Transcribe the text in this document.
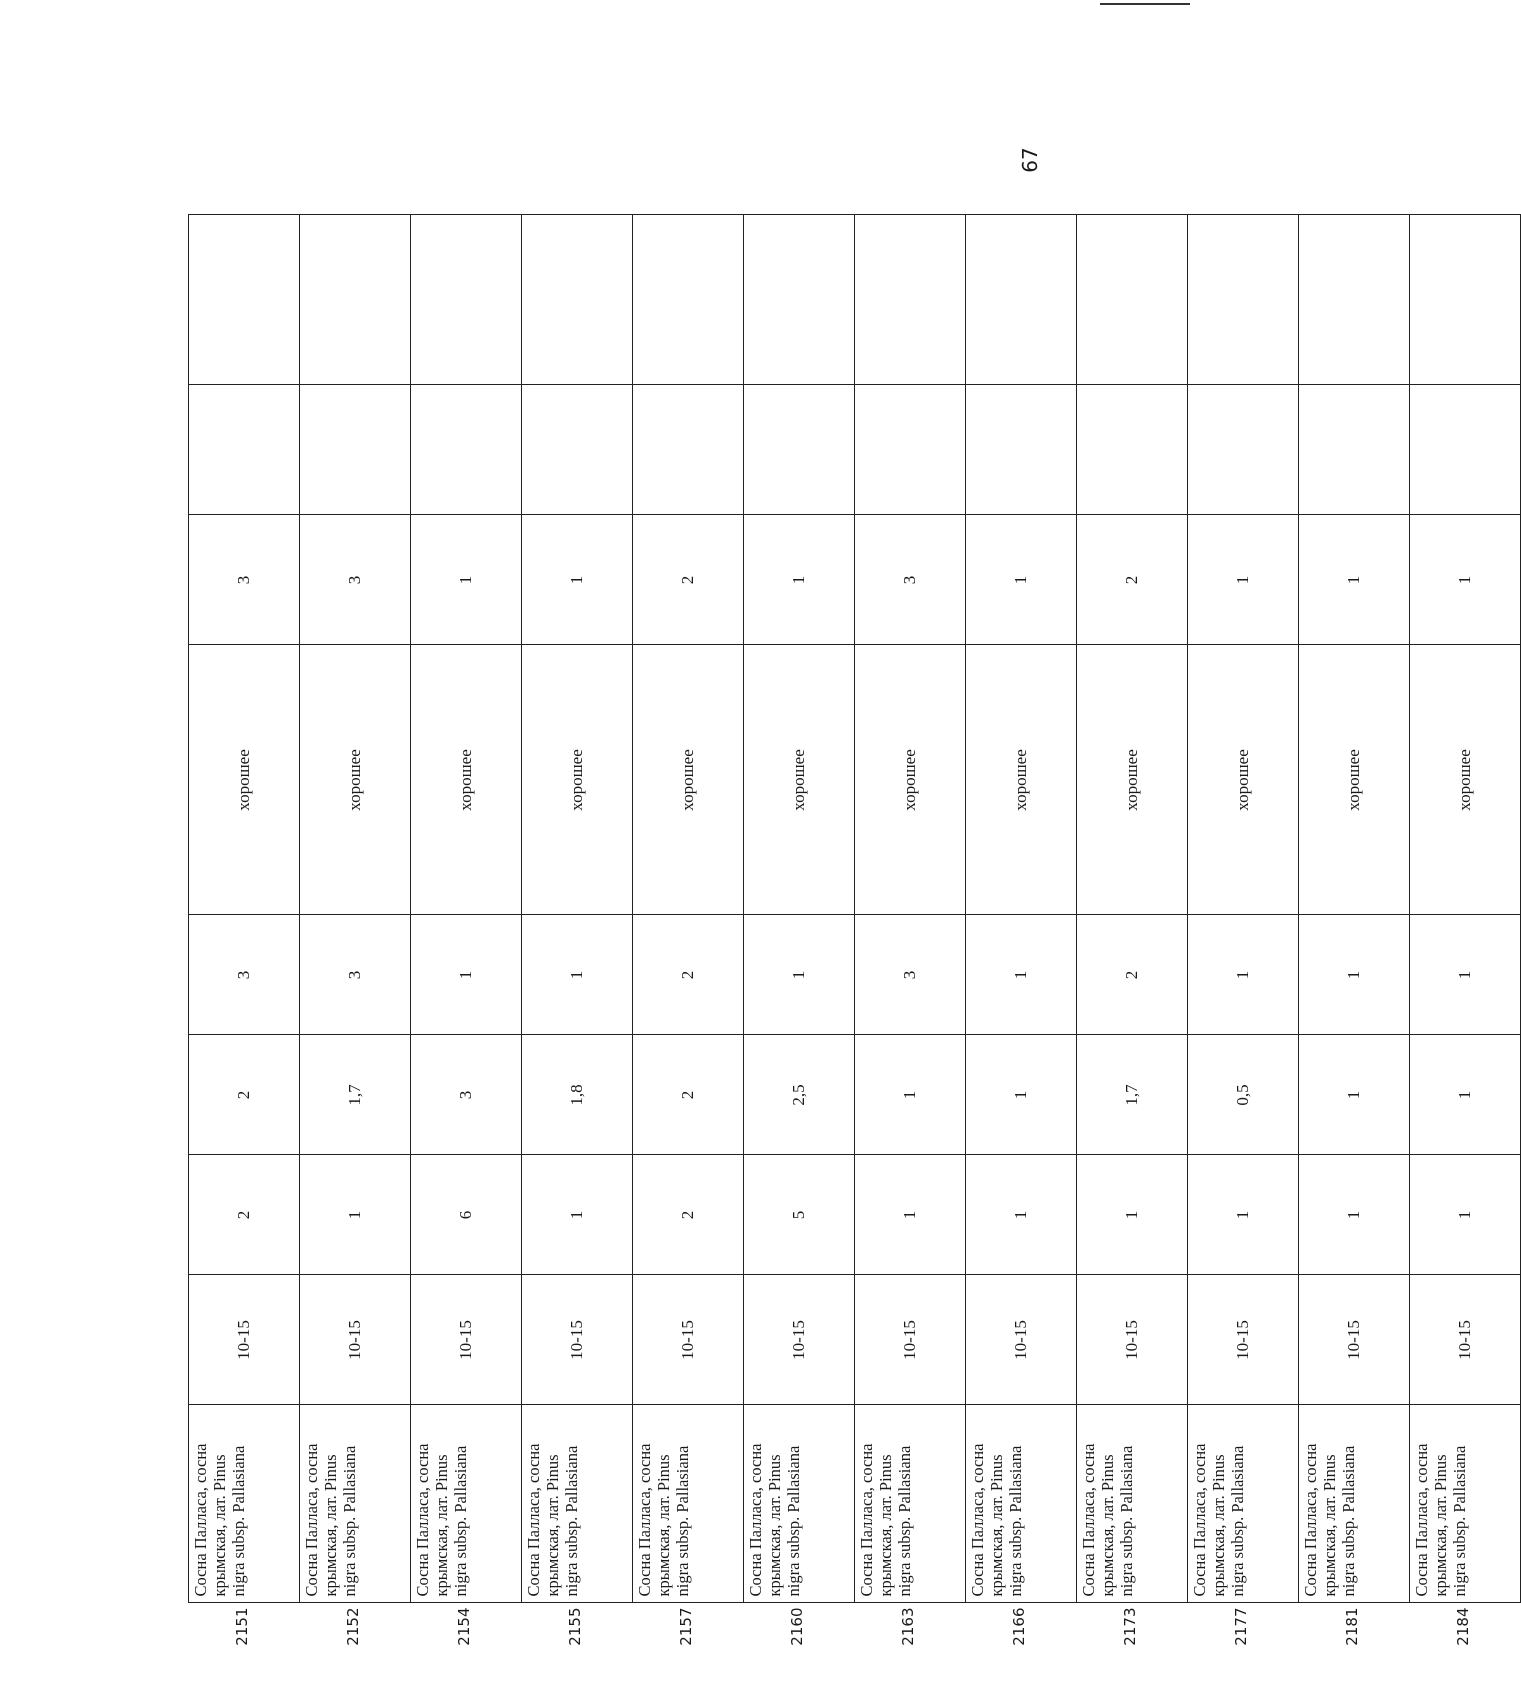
67
2151	Сосна Палласа, сосна крымская, лат. Pinus nigra subsp. Pallasiana	10-15	2	2	3	хорошее	3		
2152	Сосна Палласа, сосна крымская, лат. Pinus nigra subsp. Pallasiana	10-15	1	1,7	3	хорошее	3		
2154	Сосна Палласа, сосна крымская, лат. Pinus nigra subsp. Pallasiana	10-15	6	3	1	хорошее	1		
2155	Сосна Палласа, сосна крымская, лат. Pinus nigra subsp. Pallasiana	10-15	1	1,8	1	хорошее	1		
2157	Сосна Палласа, сосна крымская, лат. Pinus nigra subsp. Pallasiana	10-15	2	2	2	хорошее	2		
2160	Сосна Палласа, сосна крымская, лат. Pinus nigra subsp. Pallasiana	10-15	5	2,5	1	хорошее	1		
2163	Сосна Палласа, сосна крымская, лат. Pinus nigra subsp. Pallasiana	10-15	1	1	3	хорошее	3		
2166	Сосна Палласа, сосна крымская, лат. Pinus nigra subsp. Pallasiana	10-15	1	1	1	хорошее	1		
2173	Сосна Палласа, сосна крымская, лат. Pinus nigra subsp. Pallasiana	10-15	1	1,7	2	хорошее	2		
2177	Сосна Палласа, сосна крымская, лат. Pinus nigra subsp. Pallasiana	10-15	1	0,5	1	хорошее	1		
2181	Сосна Палласа, сосна крымская, лат. Pinus nigra subsp. Pallasiana	10-15	1	1	1	хорошее	1		
2184	Сосна Палласа, сосна крымская, лат. Pinus nigra subsp. Pallasiana	10-15	1	1	1	хорошее	1		
